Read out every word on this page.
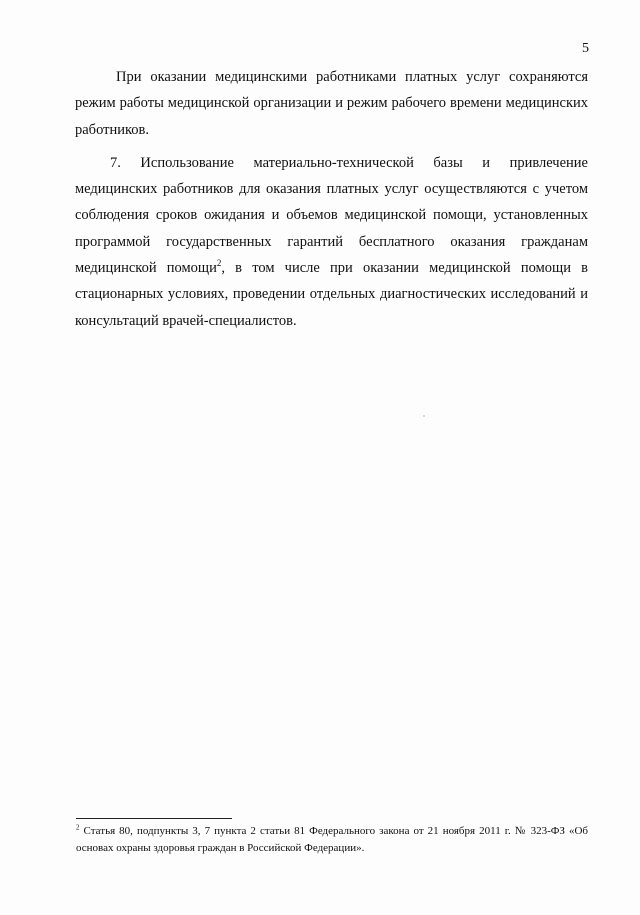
5

При оказании медицинскими работниками платных услуг сохраняются режим работы медицинской организации и режим рабочего времени медицинских работников.

7. Использование материально-технической базы и привлечение медицинских работников для оказания платных услуг осуществляются с учетом соблюдения сроков ожидания и объемов медицинской помощи, установленных программой государственных гарантий бесплатного оказания гражданам медицинской помощи$^2$, в том числе при оказании медицинской помощи в стационарных условиях, проведении отдельных диагностических исследований и консультаций врачей-специалистов.

$^2$ Статья 80, подпункты 3, 7 пункта 2 статьи 81 Федерального закона от 21 ноября 2011 г. № 323-ФЗ «Об основах охраны здоровья граждан в Российской Федерации».
